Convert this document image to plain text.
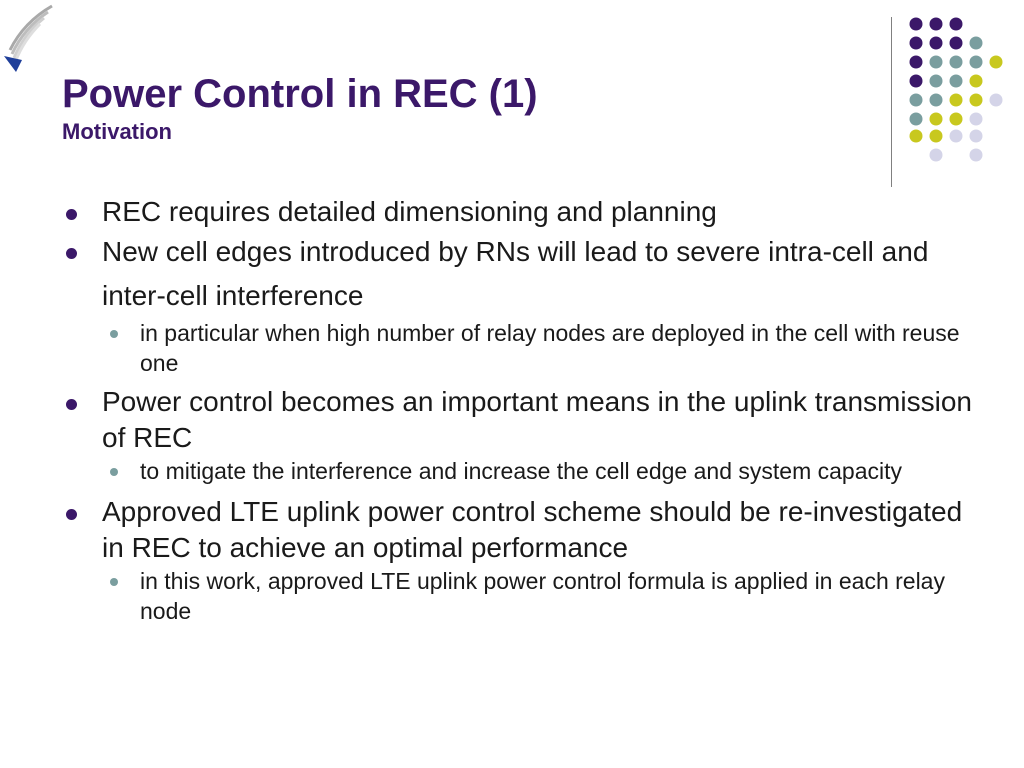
Power Control in REC (1)
Motivation
REC requires detailed dimensioning and planning
New cell edges introduced by RNs will lead to severe intra-cell and inter-cell interference
in particular when high number of relay nodes are deployed in the cell with reuse one
Power control becomes an important means in the uplink transmission of REC
to mitigate the interference and increase the cell edge and system capacity
Approved LTE uplink power control scheme should be re-investigated in REC to achieve an optimal performance
in this work, approved LTE uplink power control formula is applied in each relay node
